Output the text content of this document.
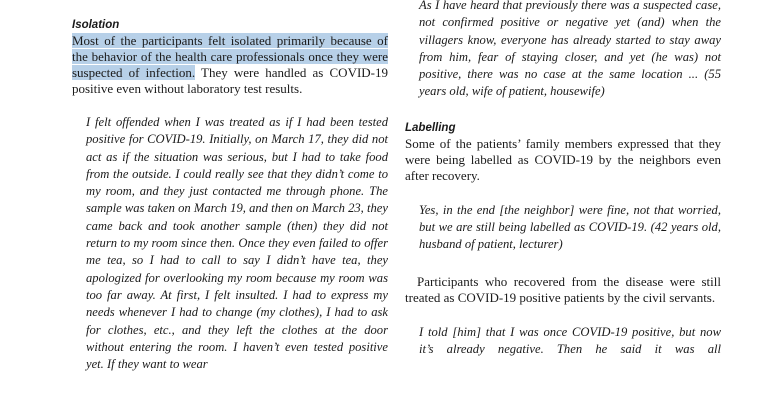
Isolation

Most of the participants felt isolated primarily because of the behavior of the health care professionals once they were suspected of infection. They were handled as COVID-19 positive even without laboratory test results.

I felt offended when I was treated as if I had been tested positive for COVID-19. Initially, on March 17, they did not act as if the situation was serious, but I had to take food from the outside. I could really see that they didn’t come to my room, and they just contacted me through phone. The sample was taken on March 19, and then on March 23, they came back and took another sample (then) they did not return to my room since then. Once they even failed to offer me tea, so I had to call to say I didn’t have tea, they apologized for overlooking my room because my room was too far away. At first, I felt insulted. I had to express my needs whenever I had to change (my clothes), I had to ask for clothes, etc., and they left the clothes at the door without entering the room. I haven’t even tested positive yet. If they want to wear

As I have heard that previously there was a suspected case, not confirmed positive or negative yet (and) when the villagers know, everyone has already started to stay away from him, fear of staying closer, and yet (he was) not positive, there was no case at the same location ... (55 years old, wife of patient, housewife)

Labelling

Some of the patients’ family members expressed that they were being labelled as COVID-19 by the neighbors even after recovery.

Yes, in the end [the neighbor] were fine, not that worried, but we are still being labelled as COVID-19. (42 years old, husband of patient, lecturer)

Participants who recovered from the disease were still treated as COVID-19 positive patients by the civil servants.

I told [him] that I was once COVID-19 positive, but now it’s already negative. Then he said it was all
